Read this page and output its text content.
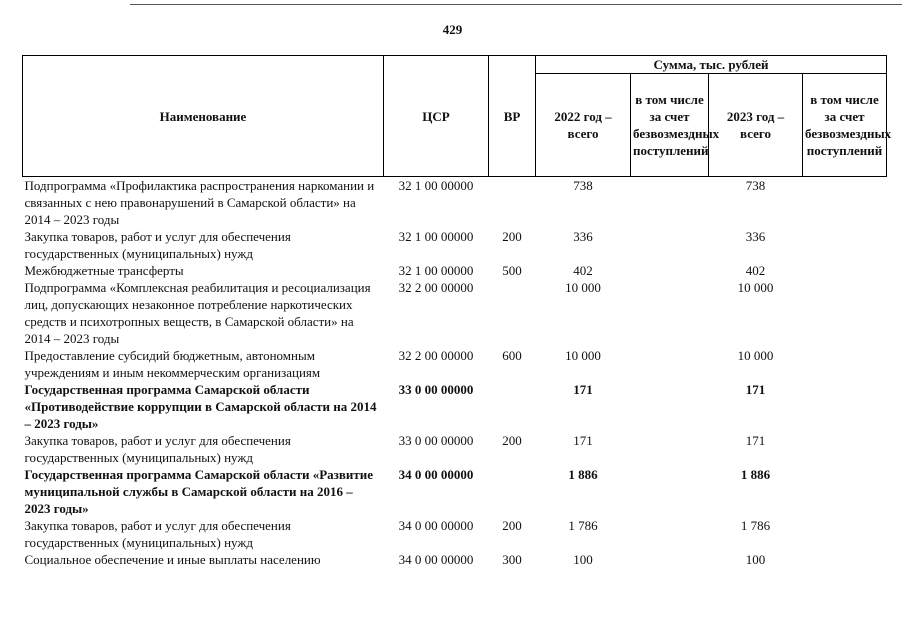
429
Наименование	ЦСР	ВР	Сумма, тыс. рублей			
			2022 год – всего	в том числе за счет безвозмездных поступлений	2023 год – всего	в том числе за счет безвозмездных поступлений
Подпрограмма «Профилактика распространения наркомании и связанных с нею правонарушений в Самарской области» на 2014 – 2023 годы	32 1 00 00000		738		738	
Закупка товаров, работ и услуг для обеспечения государственных (муниципальных) нужд	32 1 00 00000	200	336		336	
Межбюджетные трансферты	32 1 00 00000	500	402		402	
Подпрограмма «Комплексная реабилитация и ресоциализация лиц, допускающих незаконное потребление наркотических средств и психотропных веществ, в Самарской области» на 2014 – 2023 годы	32 2 00 00000		10 000		10 000	
Предоставление субсидий бюджетным, автономным учреждениям и иным некоммерческим организациям	32 2 00 00000	600	10 000		10 000	
Государственная программа Самарской области «Противодействие коррупции в Самарской области на 2014 – 2023 годы»	33 0 00 00000		171		171	
Закупка товаров, работ и услуг для обеспечения государственных (муниципальных) нужд	33 0 00 00000	200	171		171	
Государственная программа Самарской области «Развитие муниципальной службы в Самарской области на 2016 – 2023 годы»	34 0 00 00000		1 886		1 886	
Закупка товаров, работ и услуг для обеспечения государственных (муниципальных) нужд	34 0 00 00000	200	1 786		1 786	
Социальное обеспечение и иные выплаты населению	34 0 00 00000	300	100		100	
